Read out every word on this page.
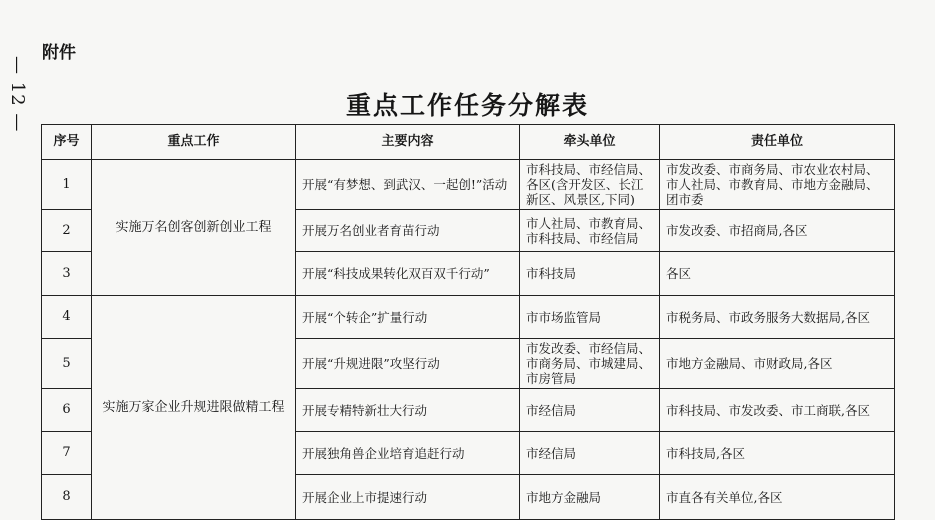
— 12 —
附件
重点工作任务分解表
序号	重点工作	主要内容	牵头单位	责任单位
1	实施万名创客创新创业工程	开展“有梦想、到武汉、一起创!”活动	市科技局、市经信局、各区(含开发区、长江新区、风景区,下同)	市发改委、市商务局、市农业农村局、市人社局、市教育局、市地方金融局、团市委
2		开展万名创业者育苗行动	市人社局、市教育局、市科技局、市经信局	市发改委、市招商局,各区
3		开展“科技成果转化双百双千行动”	市科技局	各区
4	实施万家企业升规进限做精工程	开展“个转企”扩量行动	市市场监管局	市税务局、市政务服务大数据局,各区
5		开展“升规进限”攻坚行动	市发改委、市经信局、市商务局、市城建局、市房管局	市地方金融局、市财政局,各区
6		开展专精特新壮大行动	市经信局	市科技局、市发改委、市工商联,各区
7		开展独角兽企业培育追赶行动	市经信局	市科技局,各区
8		开展企业上市提速行动	市地方金融局	市直各有关单位,各区
